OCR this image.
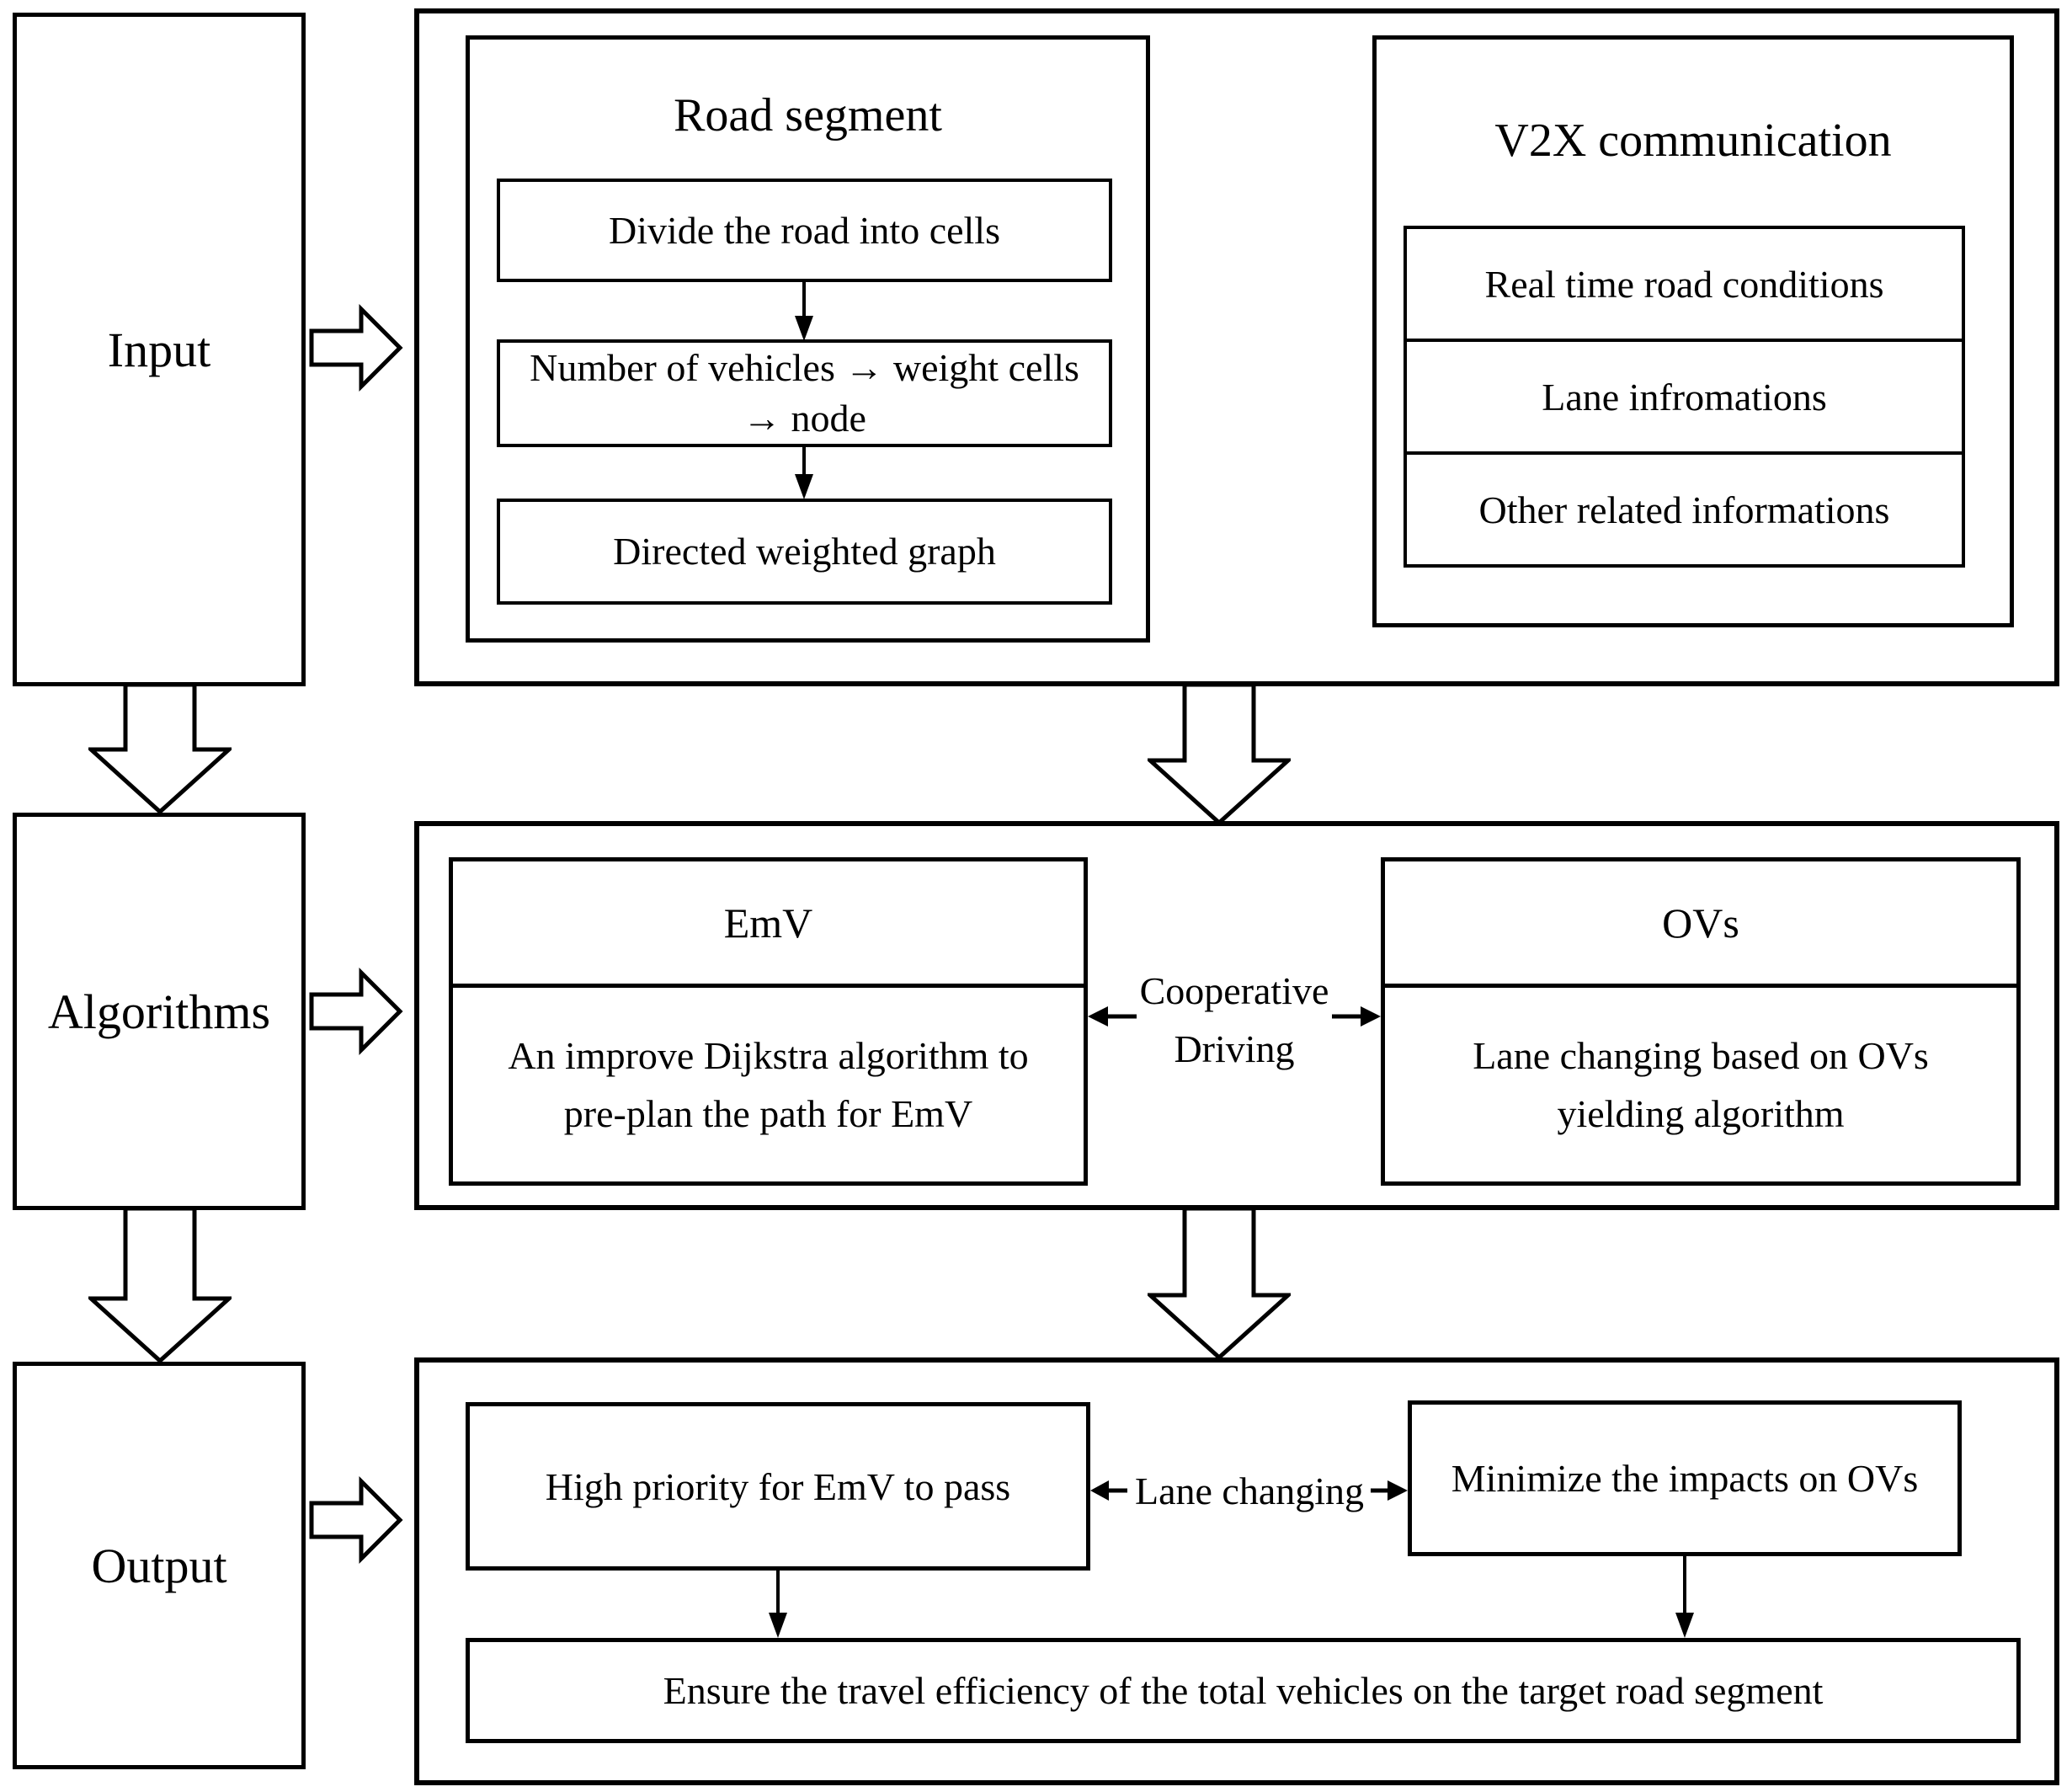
Input
Algorithms
Output
Road segment
Divide the road into cells
Number of vehicles → weight cells → node
Directed weighted graph
V2X communication
Real time road conditions
Lane infromations
Other related informations
EmV
An improve Dijkstra algorithm to pre-plan the path for EmV
OVs
Lane changing based on OVs yielding algorithm
Cooperative Driving
High priority for EmV to pass	Minimize the impacts on OVs
Lane changing
Ensure the travel efficiency of the total vehicles on the target road segment
